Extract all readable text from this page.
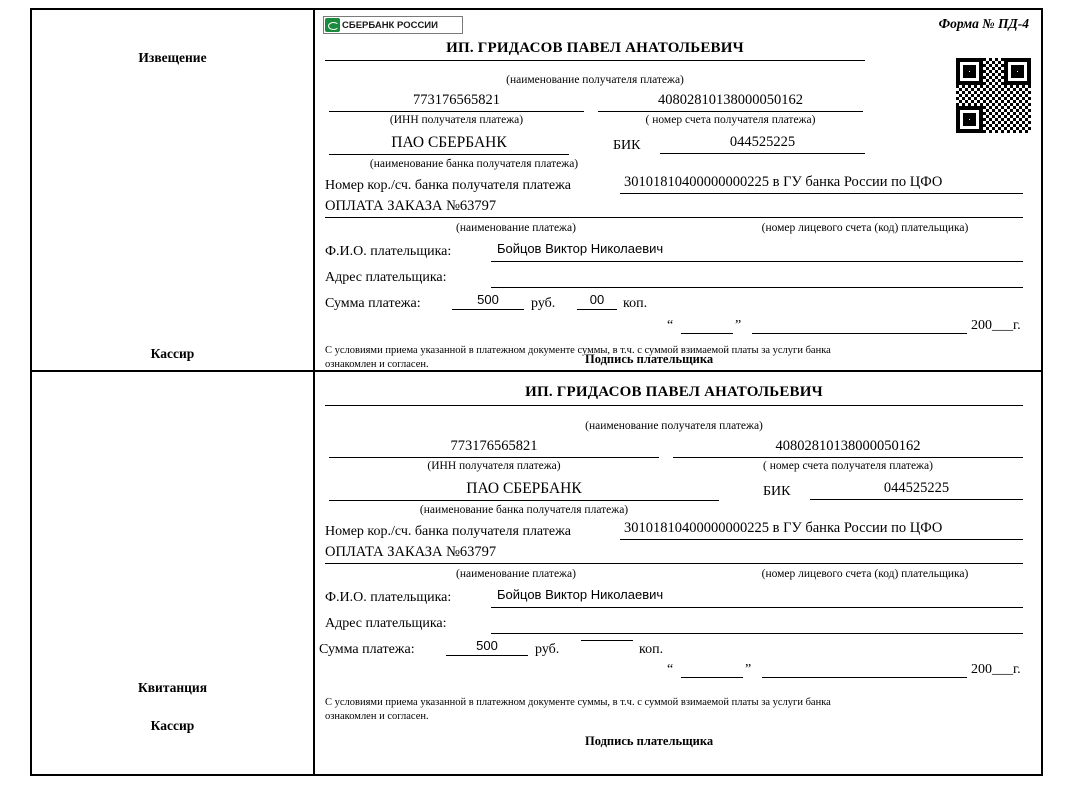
Извещение
Кассир
СБЕРБАНК РОССИИ	Форма № ПД-4
ИП. ГРИДАСОВ ПАВЕЛ АНАТОЛЬЕВИЧ
(наименование получателя платежа)
773176565821	40802810138000050162
(ИНН получателя платежа)	( номер счета получателя платежа)
ПАО СБЕРБАНК	БИК	044525225
(наименование банка получателя платежа)
Номер кор./сч. банка получателя платежа	30101810400000000225 в ГУ банка России по ЦФО
ОПЛАТА ЗАКАЗА №63797
(наименование платежа)	(номер лицевого счета (код) плательщика)
Ф.И.О. плательщика:	Бойцов Виктор Николаевич
Адрес плательщика:
Сумма платежа:	500	руб.	00	коп.
“	”	200___г.
С условиями приема указанной в платежном документе суммы, в т.ч. с суммой взимаемой платы за услуги банка
ознакомлен и согласен.	Подпись плательщика
Квитанция
Кассир
ИП. ГРИДАСОВ ПАВЕЛ АНАТОЛЬЕВИЧ
(наименование получателя платежа)
773176565821	40802810138000050162
(ИНН получателя платежа)	( номер счета получателя платежа)
ПАО СБЕРБАНК	БИК	044525225
(наименование банка получателя платежа)
Номер кор./сч. банка получателя платежа	30101810400000000225 в ГУ банка России по ЦФО
ОПЛАТА ЗАКАЗА №63797
(наименование платежа)	(номер лицевого счета (код) плательщика)
Ф.И.О. плательщика:	Бойцов Виктор Николаевич
Адрес плательщика:
Сумма платежа:	500	руб.	коп.
“	”	200___г.
С условиями приема указанной в платежном документе суммы, в т.ч. с суммой взимаемой платы за услуги банка
ознакомлен и согласен.
Подпись плательщика
